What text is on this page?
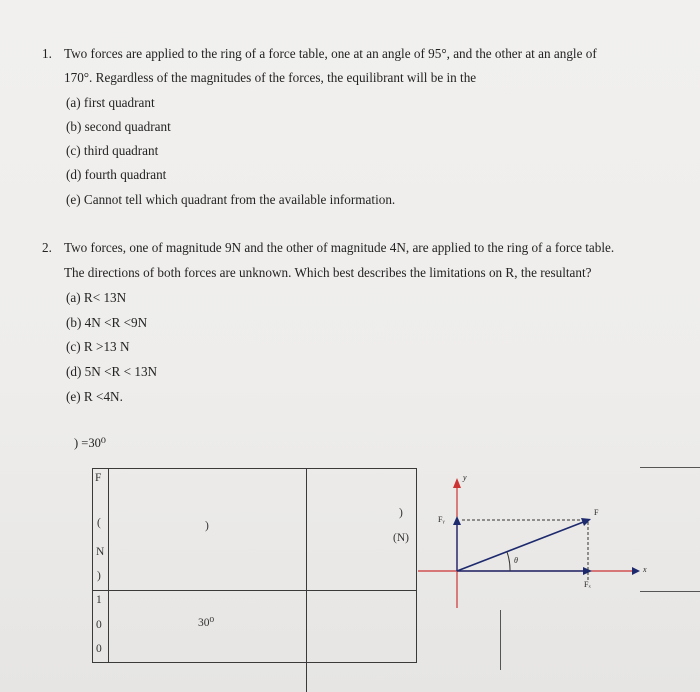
1. Two forces are applied to the ring of a force table, one at an angle of 95°, and the other at an angle of
170°. Regardless of the magnitudes of the forces, the equilibrant will be in the
(a) first quadrant
(b) second quadrant
(c) third quadrant
(d) fourth quadrant
(e) Cannot tell which quadrant from the available information.
2. Two forces, one of magnitude 9N and the other of magnitude 4N, are applied to the ring of a force table.
The directions of both forces are unknown. Which best describes the limitations on R, the resultant?
(a) R< 13N
(b) 4N <R <9N
(c) R >13 N
(d) 5N <R < 13N
(e) R <4N.
) =30⁰
F
(
N
)
1
0
0
)
30⁰
)
(N)
y
x
Fᵧ
Fₓ
F
θ
